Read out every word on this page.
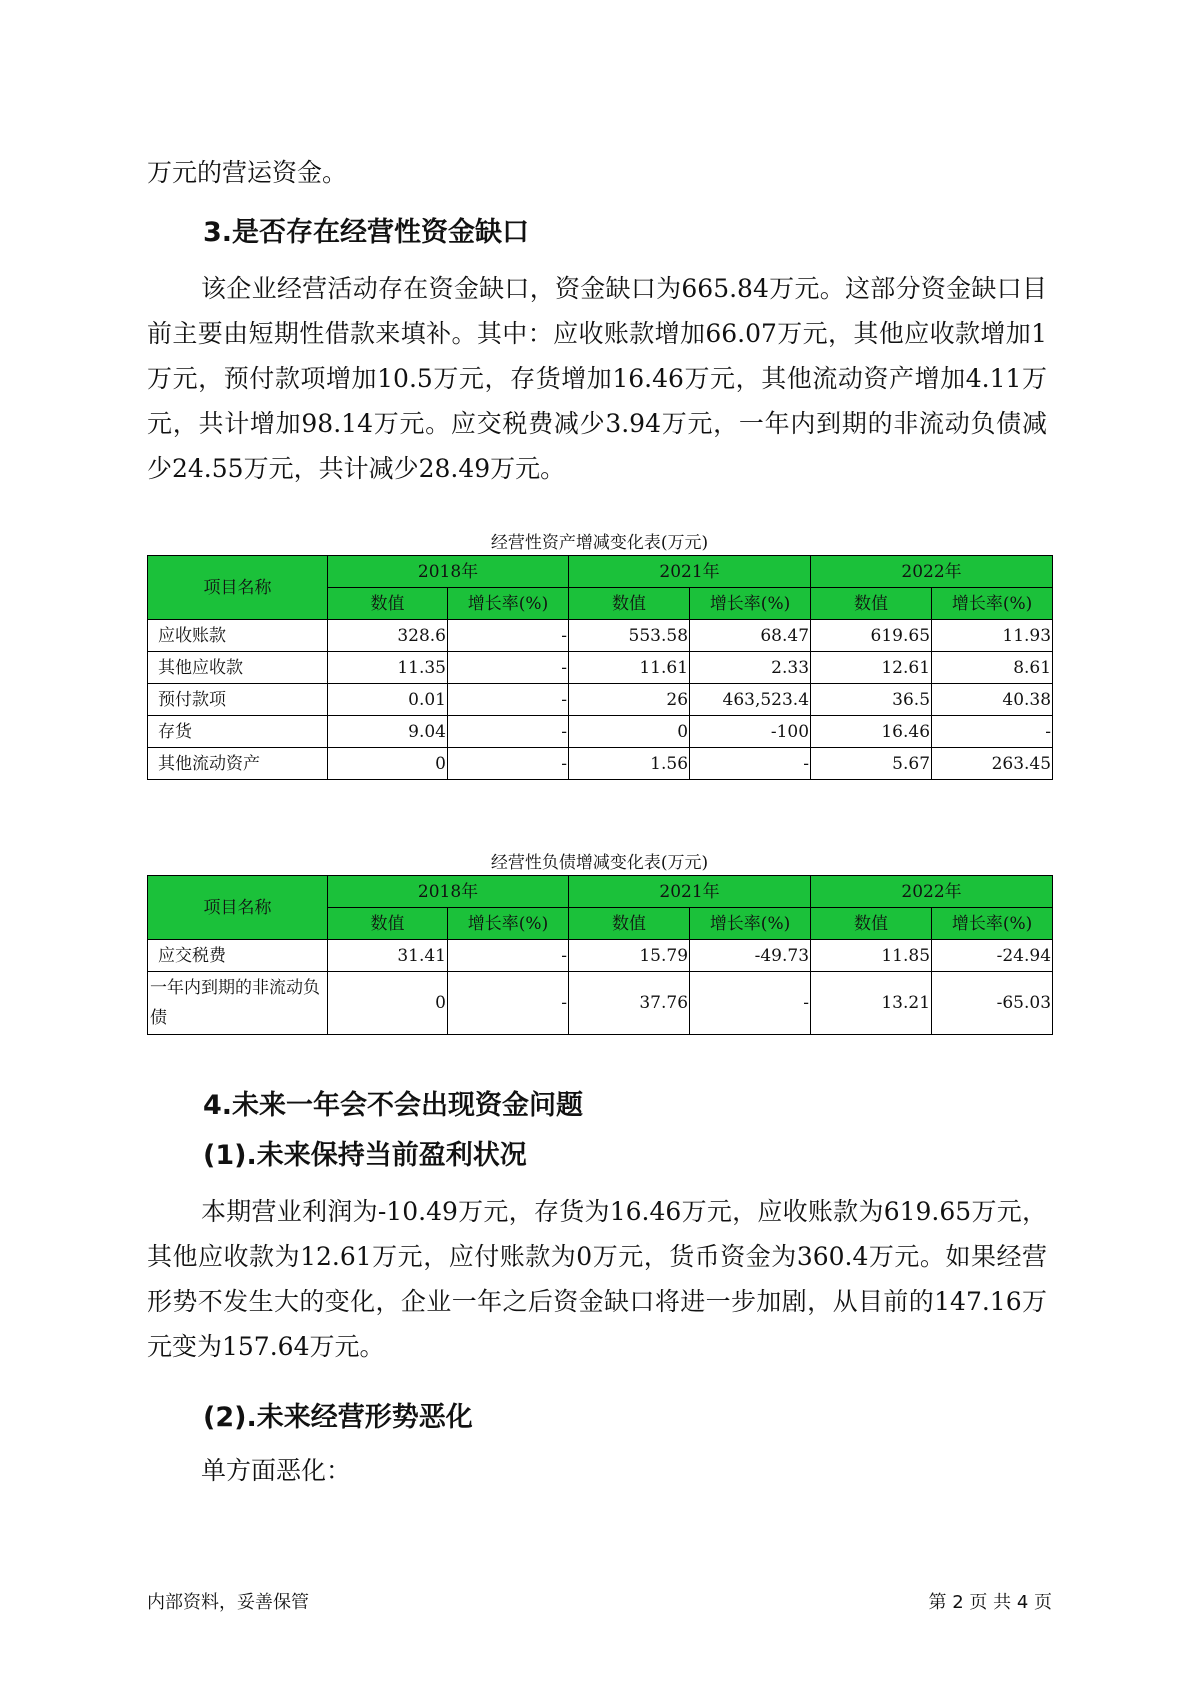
万元的营运资金。
3.是否存在经营性资金缺口
该企业经营活动存在资金缺口，资金缺口为665.84万元。这部分资金缺口目前主要由短期性借款来填补。其中：应收账款增加66.07万元，其他应收款增加1万元，预付款项增加10.5万元，存货增加16.46万元，其他流动资产增加4.11万元，共计增加98.14万元。应交税费减少3.94万元，一年内到期的非流动负债减少24.55万元，共计减少28.49万元。
经营性资产增减变化表(万元)
项目名称	2018年		2021年		2022年	
	数值	增长率(%)	数值	增长率(%)	数值	增长率(%)
应收账款	328.6	-	553.58	68.47	619.65	11.93
其他应收款	11.35	-	11.61	2.33	12.61	8.61
预付款项	0.01	-	26	463,523.4	36.5	40.38
存货	9.04	-	0	-100	16.46	-
其他流动资产	0	-	1.56	-	5.67	263.45
经营性负债增减变化表(万元)
项目名称	2018年		2021年		2022年	
	数值	增长率(%)	数值	增长率(%)	数值	增长率(%)
应交税费	31.41	-	15.79	-49.73	11.85	-24.94
一年内到期的非流动负债	0	-	37.76	-	13.21	-65.03
4.未来一年会不会出现资金问题
(1).未来保持当前盈利状况
本期营业利润为-10.49万元，存货为16.46万元，应收账款为619.65万元，其他应收款为12.61万元，应付账款为0万元，货币资金为360.4万元。如果经营形势不发生大的变化，企业一年之后资金缺口将进一步加剧，从目前的147.16万元变为157.64万元。
(2).未来经营形势恶化
单方面恶化：
内部资料，妥善保管	第 2 页 共 4 页
